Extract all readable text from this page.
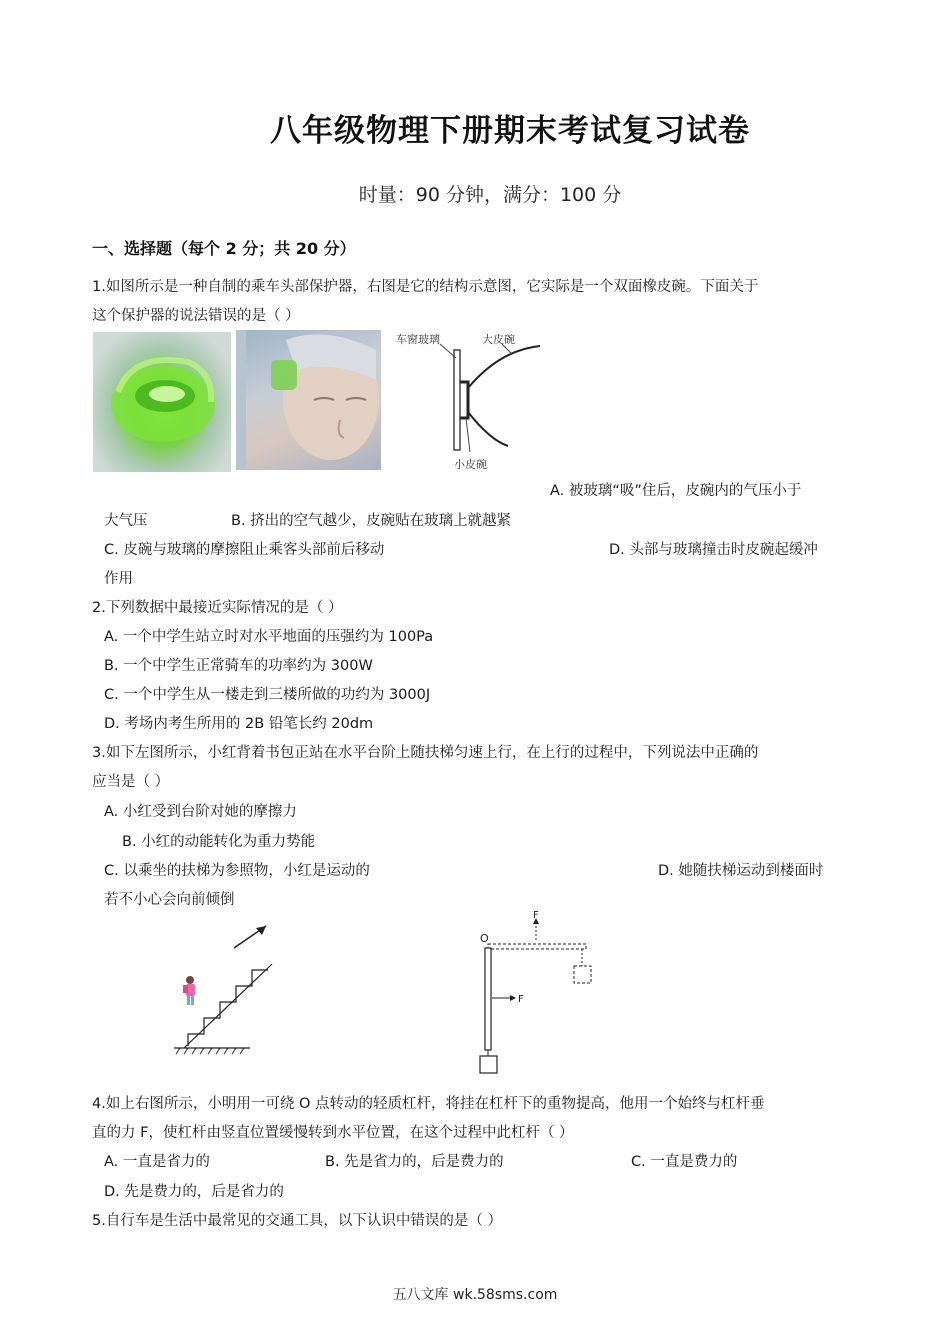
八年级物理下册期末考试复习试卷
时量：90 分钟，满分：100 分
一、选择题（每个 2 分；共 20 分）
1.如图所示是一种自制的乘车头部保护器，右图是它的结构示意图，它实际是一个双面橡皮碗。下面关于
这个保护器的说法错误的是（ ）
车窗玻璃	大皮碗
小皮碗
A. 被玻璃“吸”住后，皮碗内的气压小于
大气压	B. 挤出的空气越少，皮碗贴在玻璃上就越紧
C. 皮碗与玻璃的摩擦阻止乘客头部前后移动	D. 头部与玻璃撞击时皮碗起缓冲
作用
2.下列数据中最接近实际情况的是（ ）
A. 一个中学生站立时对水平地面的压强约为 100Pa
B. 一个中学生正常骑车的功率约为 300W
C. 一个中学生从一楼走到三楼所做的功约为 3000J
D. 考场内考生所用的 2B 铅笔长约 20dm
3.如下左图所示，小红背着书包正站在水平台阶上随扶梯匀速上行，在上行的过程中，下列说法中正确的
应当是（ ）
A. 小红受到台阶对她的摩擦力
B. 小红的动能转化为重力势能
C. 以乘坐的扶梯为参照物，小红是运动的	D. 她随扶梯运动到楼面时
若不小心会向前倾倒
O
F
F
4.如上右图所示，小明用一可绕 O 点转动的轻质杠杆，将挂在杠杆下的重物提高，他用一个始终与杠杆垂
直的力 F，使杠杆由竖直位置缓慢转到水平位置，在这个过程中此杠杆（ ）
A. 一直是省力的	B. 先是省力的，后是费力的	C. 一直是费力的
D. 先是费力的，后是省力的
5.自行车是生活中最常见的交通工具，以下认识中错误的是（ ）
五八文库 wk.58sms.com
